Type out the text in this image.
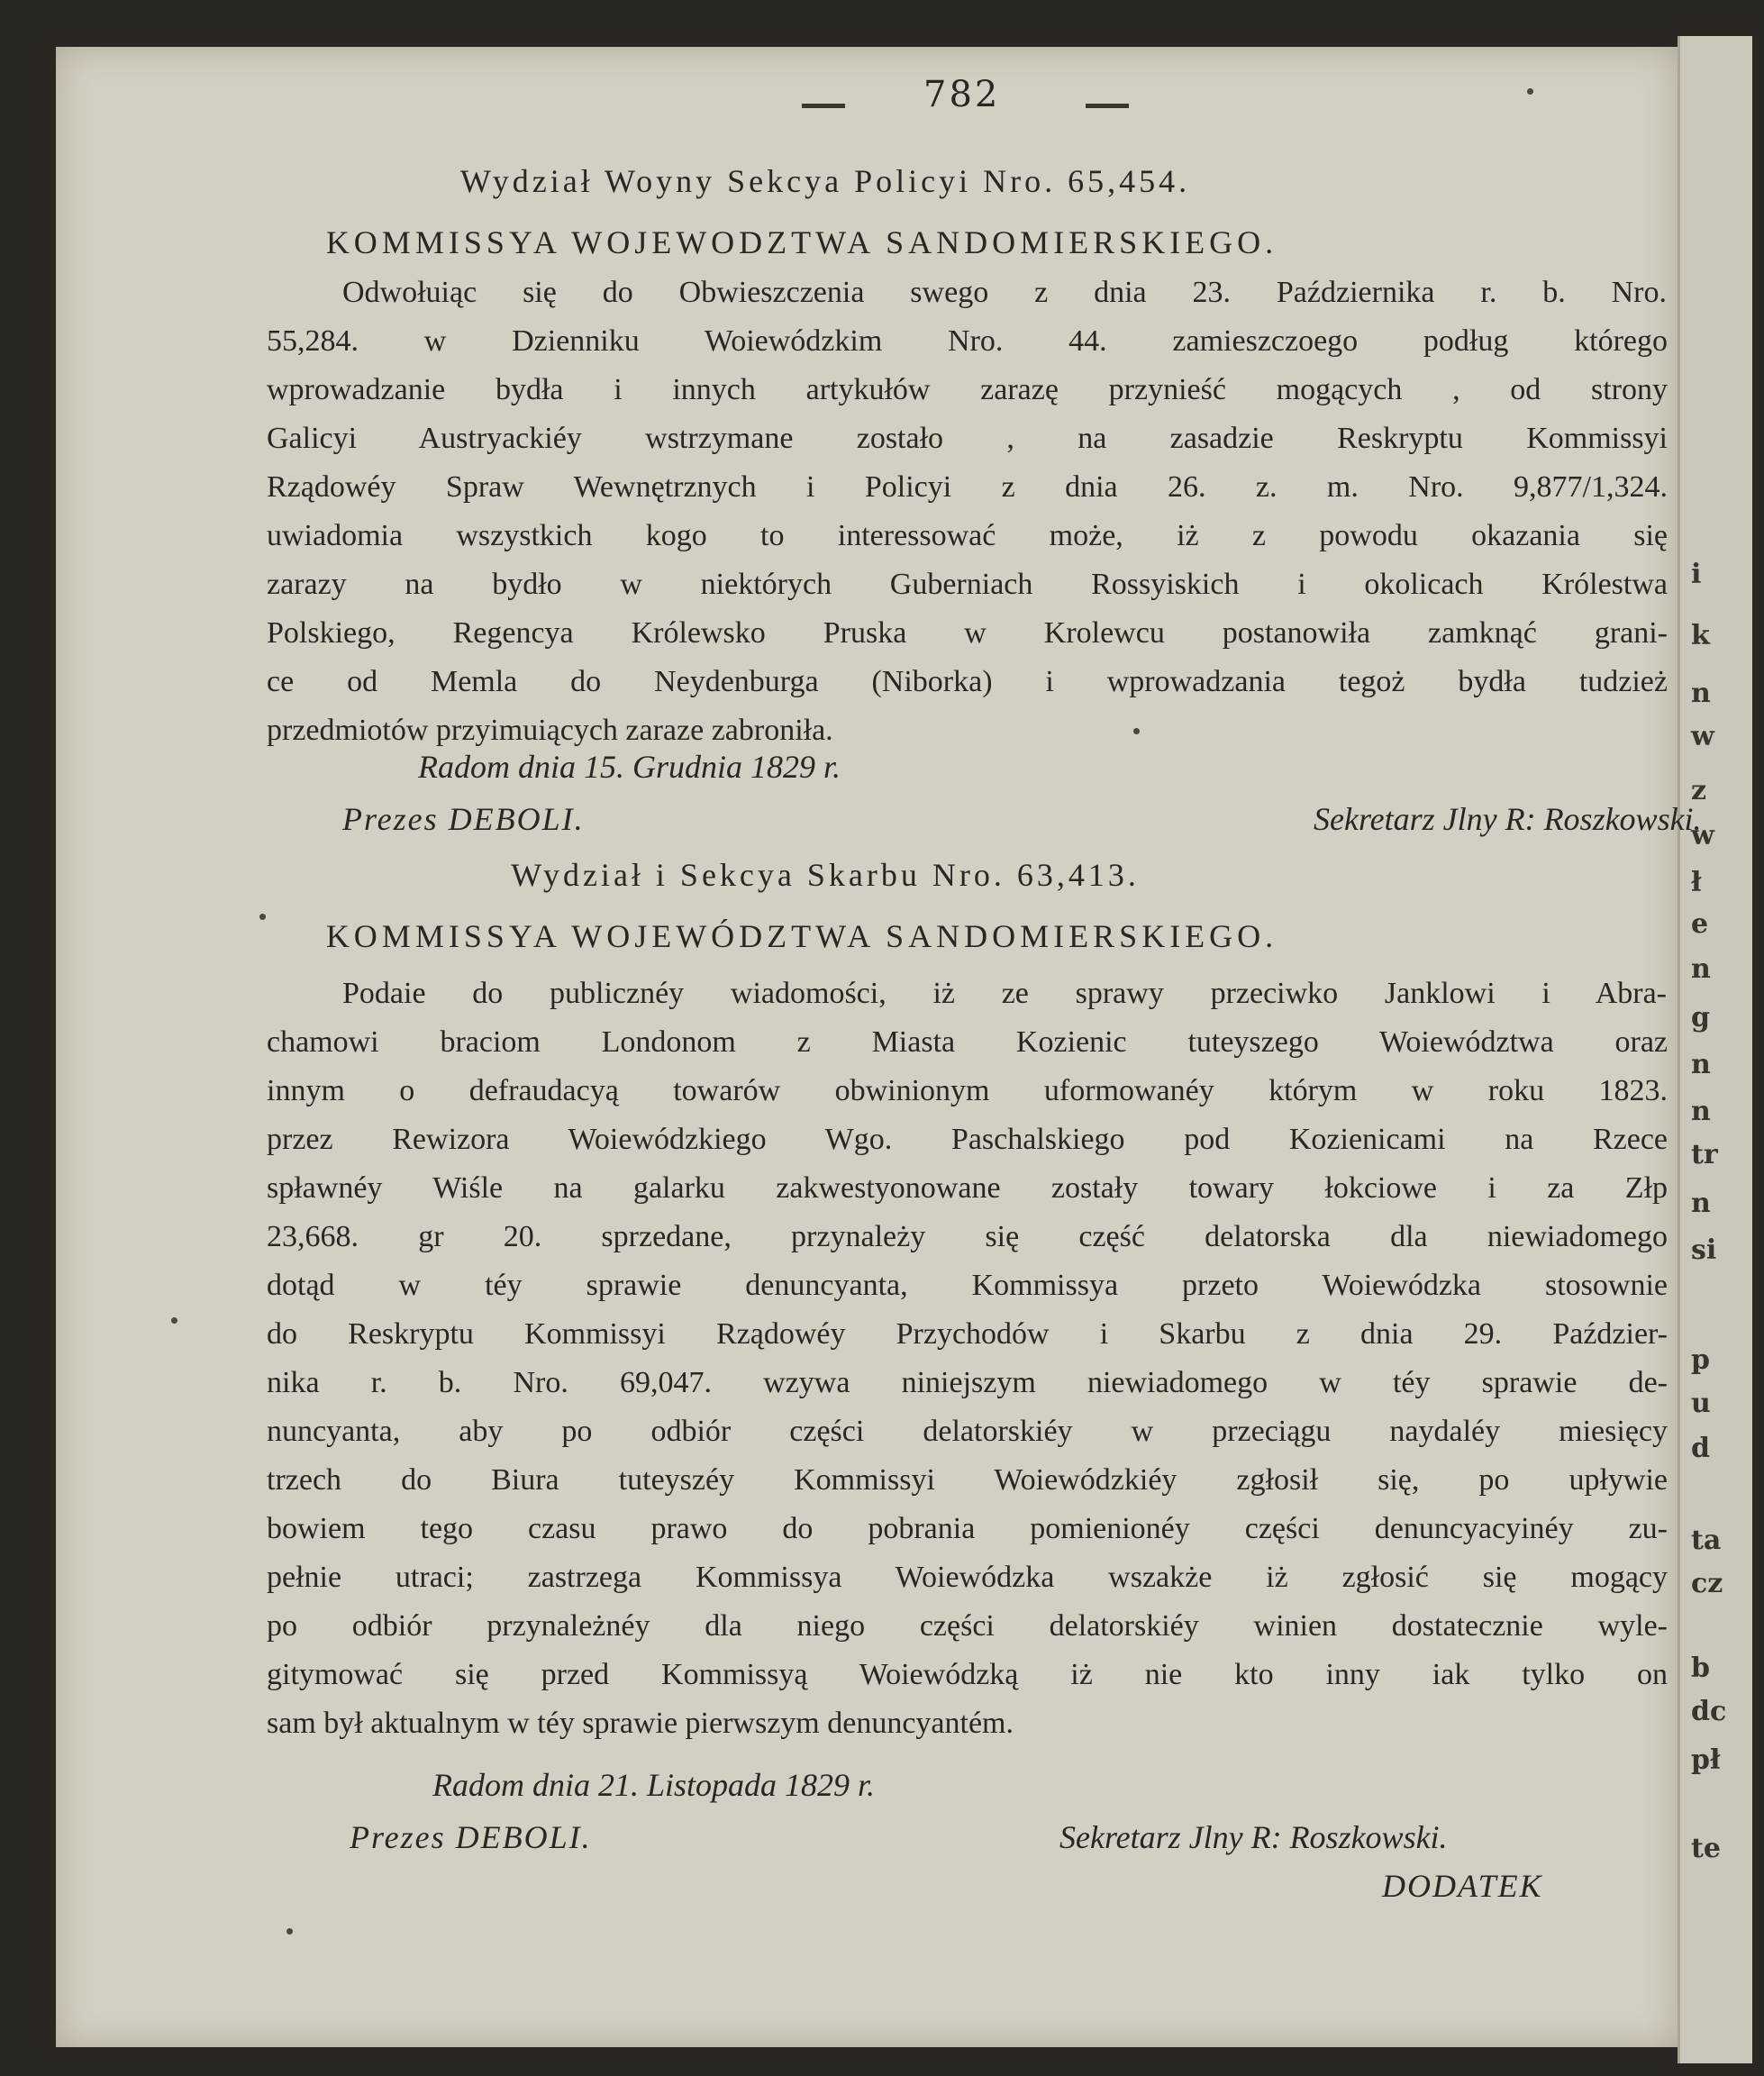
i
k
n
w
z
w
ł
e
n
g
n
n
tr
n
si
p
u
d
ta
cz
b
dc
pł
te
782
Wydział Woyny Sekcya Policyi Nro. 65,454.
KOMMISSYA WOJEWODZTWA SANDOMIERSKIEGO.
Odwołuiąc się do Obwieszczenia swego z dnia 23. Października r. b. Nro.
55,284. w Dzienniku Woiewódzkim Nro. 44. zamieszczoego podług którego
wprowadzanie bydła i innych artykułów zarazę przynieść mogących , od strony
Galicyi Austryackiéy wstrzymane zostało , na zasadzie Reskryptu Kommissyi
Rządowéy Spraw Wewnętrznych i Policyi z dnia 26. z. m. Nro. 9,877/1,324.
uwiadomia wszystkich kogo to interessować może, iż z powodu okazania się
zarazy na bydło w niektórych Guberniach Rossyiskich i okolicach Królestwa
Polskiego, Regencya Królewsko Pruska w Krolewcu postanowiła zamknąć grani-
ce od Memla do Neydenburga (Niborka) i wprowadzania tegoż bydła tudzież
przedmiotów przyimuiących zaraze zabroniła.
Radom dnia 15. Grudnia 1829 r.
Prezes DEBOLI.	Sekretarz Jlny R: Roszkowski.
Wydział i Sekcya Skarbu Nro. 63,413.
KOMMISSYA WOJEWÓDZTWA SANDOMIERSKIEGO.
Podaie do publicznéy wiadomości, iż ze sprawy przeciwko Janklowi i Abra-
chamowi braciom Londonom z Miasta Kozienic tuteyszego Woiewództwa oraz
innym o defraudacyą towarów obwinionym uformowanéy którym w roku 1823.
przez Rewizora Woiewódzkiego Wgo. Paschalskiego pod Kozienicami na Rzece
spławnéy Wiśle na galarku zakwestyonowane zostały towary łokciowe i za Złp
23,668. gr 20. sprzedane, przynależy się część delatorska dla niewiadomego
dotąd w téy sprawie denuncyanta, Kommissya przeto Woiewódzka stosownie
do Reskryptu Kommissyi Rządowéy Przychodów i Skarbu z dnia 29. Paździer-
nika r. b. Nro. 69,047. wzywa niniejszym niewiadomego w téy sprawie de-
nuncyanta, aby po odbiór części delatorskiéy w przeciągu naydaléy miesięcy
trzech do Biura tuteyszéy Kommissyi Woiewódzkiéy zgłosił się, po upływie
bowiem tego czasu prawo do pobrania pomienionéy części denuncyacyinéy zu-
pełnie utraci; zastrzega Kommissya Woiewódzka wszakże iż zgłosić się mogący
po odbiór przynależnéy dla niego części delatorskiéy winien dostatecznie wyle-
gitymować się przed Kommissyą Woiewódzką iż nie kto inny iak tylko on
sam był aktualnym w téy sprawie pierwszym denuncyantém.
Radom dnia 21. Listopada 1829 r.
Prezes DEBOLI.	Sekretarz Jlny R: Roszkowski.
DODATEK
